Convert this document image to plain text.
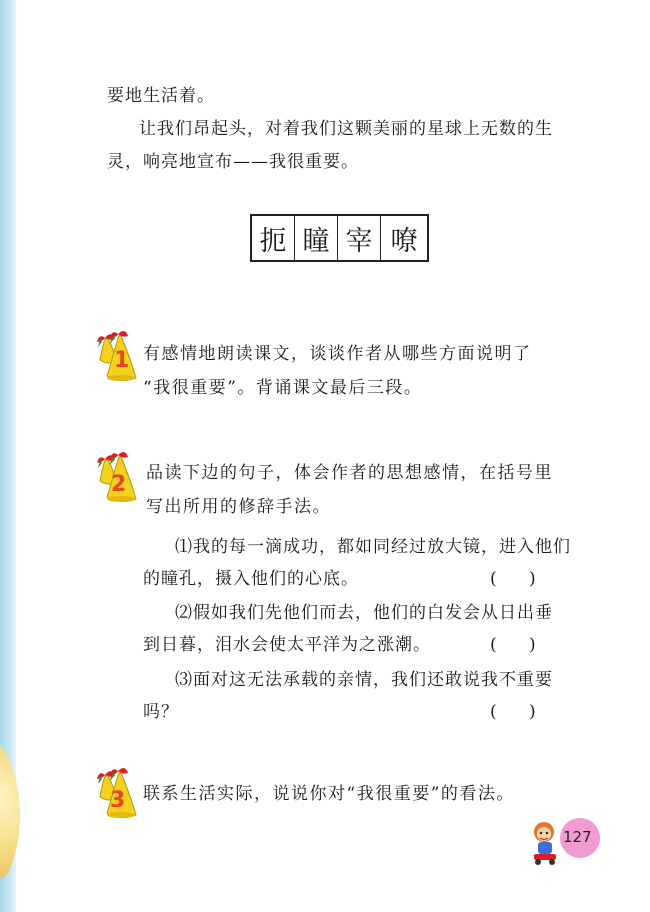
要地生活着。
让我们昂起头，对着我们这颗美丽的星球上无数的生
灵，响亮地宣布——我很重要。
扼 瞳 宰 嘹
1 有感情地朗读课文，谈谈作者从哪些方面说明了
“我很重要”。背诵课文最后三段。
2 品读下边的句子，体会作者的思想感情，在括号里
写出所用的修辞手法。
⑴我的每一滴成功，都如同经过放大镜，进入他们
的瞳孔，摄入他们的心底。	(      )
⑵假如我们先他们而去，他们的白发会从日出垂
到日暮，泪水会使太平洋为之涨潮。	(      )
⑶面对这无法承载的亲情，我们还敢说我不重要
吗？	(      )
3 联系生活实际，说说你对“我很重要”的看法。
127
